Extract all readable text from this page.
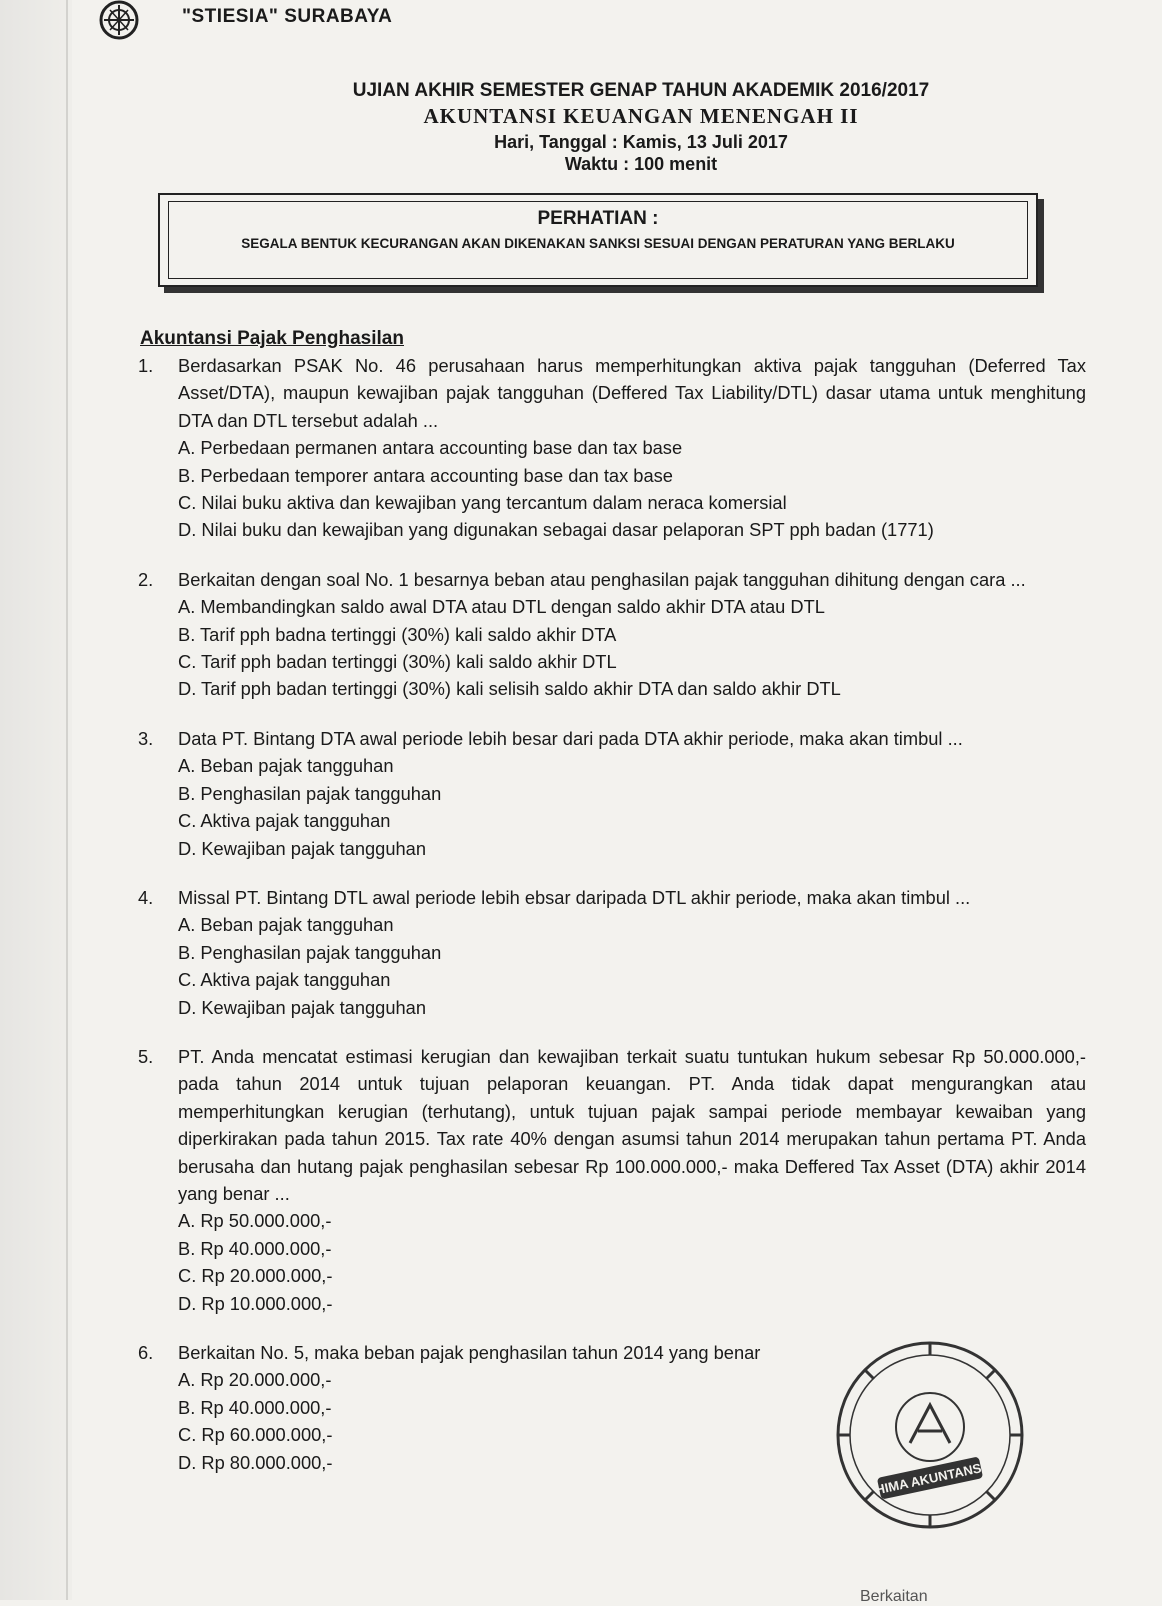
"STIESIA" SURABAYA
UJIAN AKHIR SEMESTER GENAP TAHUN AKADEMIK 2016/2017
AKUNTANSI KEUANGAN MENENGAH II
Hari, Tanggal : Kamis, 13 Juli 2017
Waktu : 100 menit
PERHATIAN :
SEGALA BENTUK KECURANGAN AKAN DIKENAKAN SANKSI SESUAI DENGAN PERATURAN YANG BERLAKU
Akuntansi Pajak Penghasilan
1. Berdasarkan PSAK No. 46 perusahaan harus memperhitungkan aktiva pajak tangguhan (Deferred Tax Asset/DTA), maupun kewajiban pajak tangguhan (Deffered Tax Liability/DTL) dasar utama untuk menghitung DTA dan DTL tersebut adalah ...
A. Perbedaan permanen antara accounting base dan tax base
B. Perbedaan temporer antara accounting base dan tax base
C. Nilai buku aktiva dan kewajiban yang tercantum dalam neraca komersial
D. Nilai buku dan kewajiban yang digunakan sebagai dasar pelaporan SPT pph badan (1771)
2. Berkaitan dengan soal No. 1 besarnya beban atau penghasilan pajak tangguhan dihitung dengan cara ...
A. Membandingkan saldo awal DTA atau DTL dengan saldo akhir DTA atau DTL
B. Tarif pph badna tertinggi (30%) kali saldo akhir DTA
C. Tarif pph badan tertinggi (30%) kali saldo akhir DTL
D. Tarif pph badan tertinggi (30%) kali selisih saldo akhir DTA dan saldo akhir DTL
3. Data PT. Bintang DTA awal periode lebih besar dari pada DTA akhir periode, maka akan timbul ...
A. Beban pajak tangguhan
B. Penghasilan pajak tangguhan
C. Aktiva pajak tangguhan
D. Kewajiban pajak tangguhan
4. Missal PT. Bintang DTL awal periode lebih ebsar daripada DTL akhir periode, maka akan timbul ...
A. Beban pajak tangguhan
B. Penghasilan pajak tangguhan
C. Aktiva pajak tangguhan
D. Kewajiban pajak tangguhan
5. PT. Anda mencatat estimasi kerugian dan kewajiban terkait suatu tuntukan hukum sebesar Rp 50.000.000,- pada tahun 2014 untuk tujuan pelaporan keuangan. PT. Anda tidak dapat mengurangkan atau memperhitungkan kerugian (terhutang), untuk tujuan pajak sampai periode membayar kewaiban yang diperkirakan pada tahun 2015. Tax rate 40% dengan asumsi tahun 2014 merupakan tahun pertama PT. Anda berusaha dan hutang pajak penghasilan sebesar Rp 100.000.000,- maka Deffered Tax Asset (DTA) akhir 2014 yang benar ...
A. Rp 50.000.000,-
B. Rp 40.000.000,-
C. Rp 20.000.000,-
D. Rp 10.000.000,-
6. Berkaitan No. 5, maka beban pajak penghasilan tahun 2014 yang benar
A. Rp 20.000.000,-
B. Rp 40.000.000,-
C. Rp 60.000.000,-
D. Rp 80.000.000,-	HIMA AKUNTANSI
Berkaitan
